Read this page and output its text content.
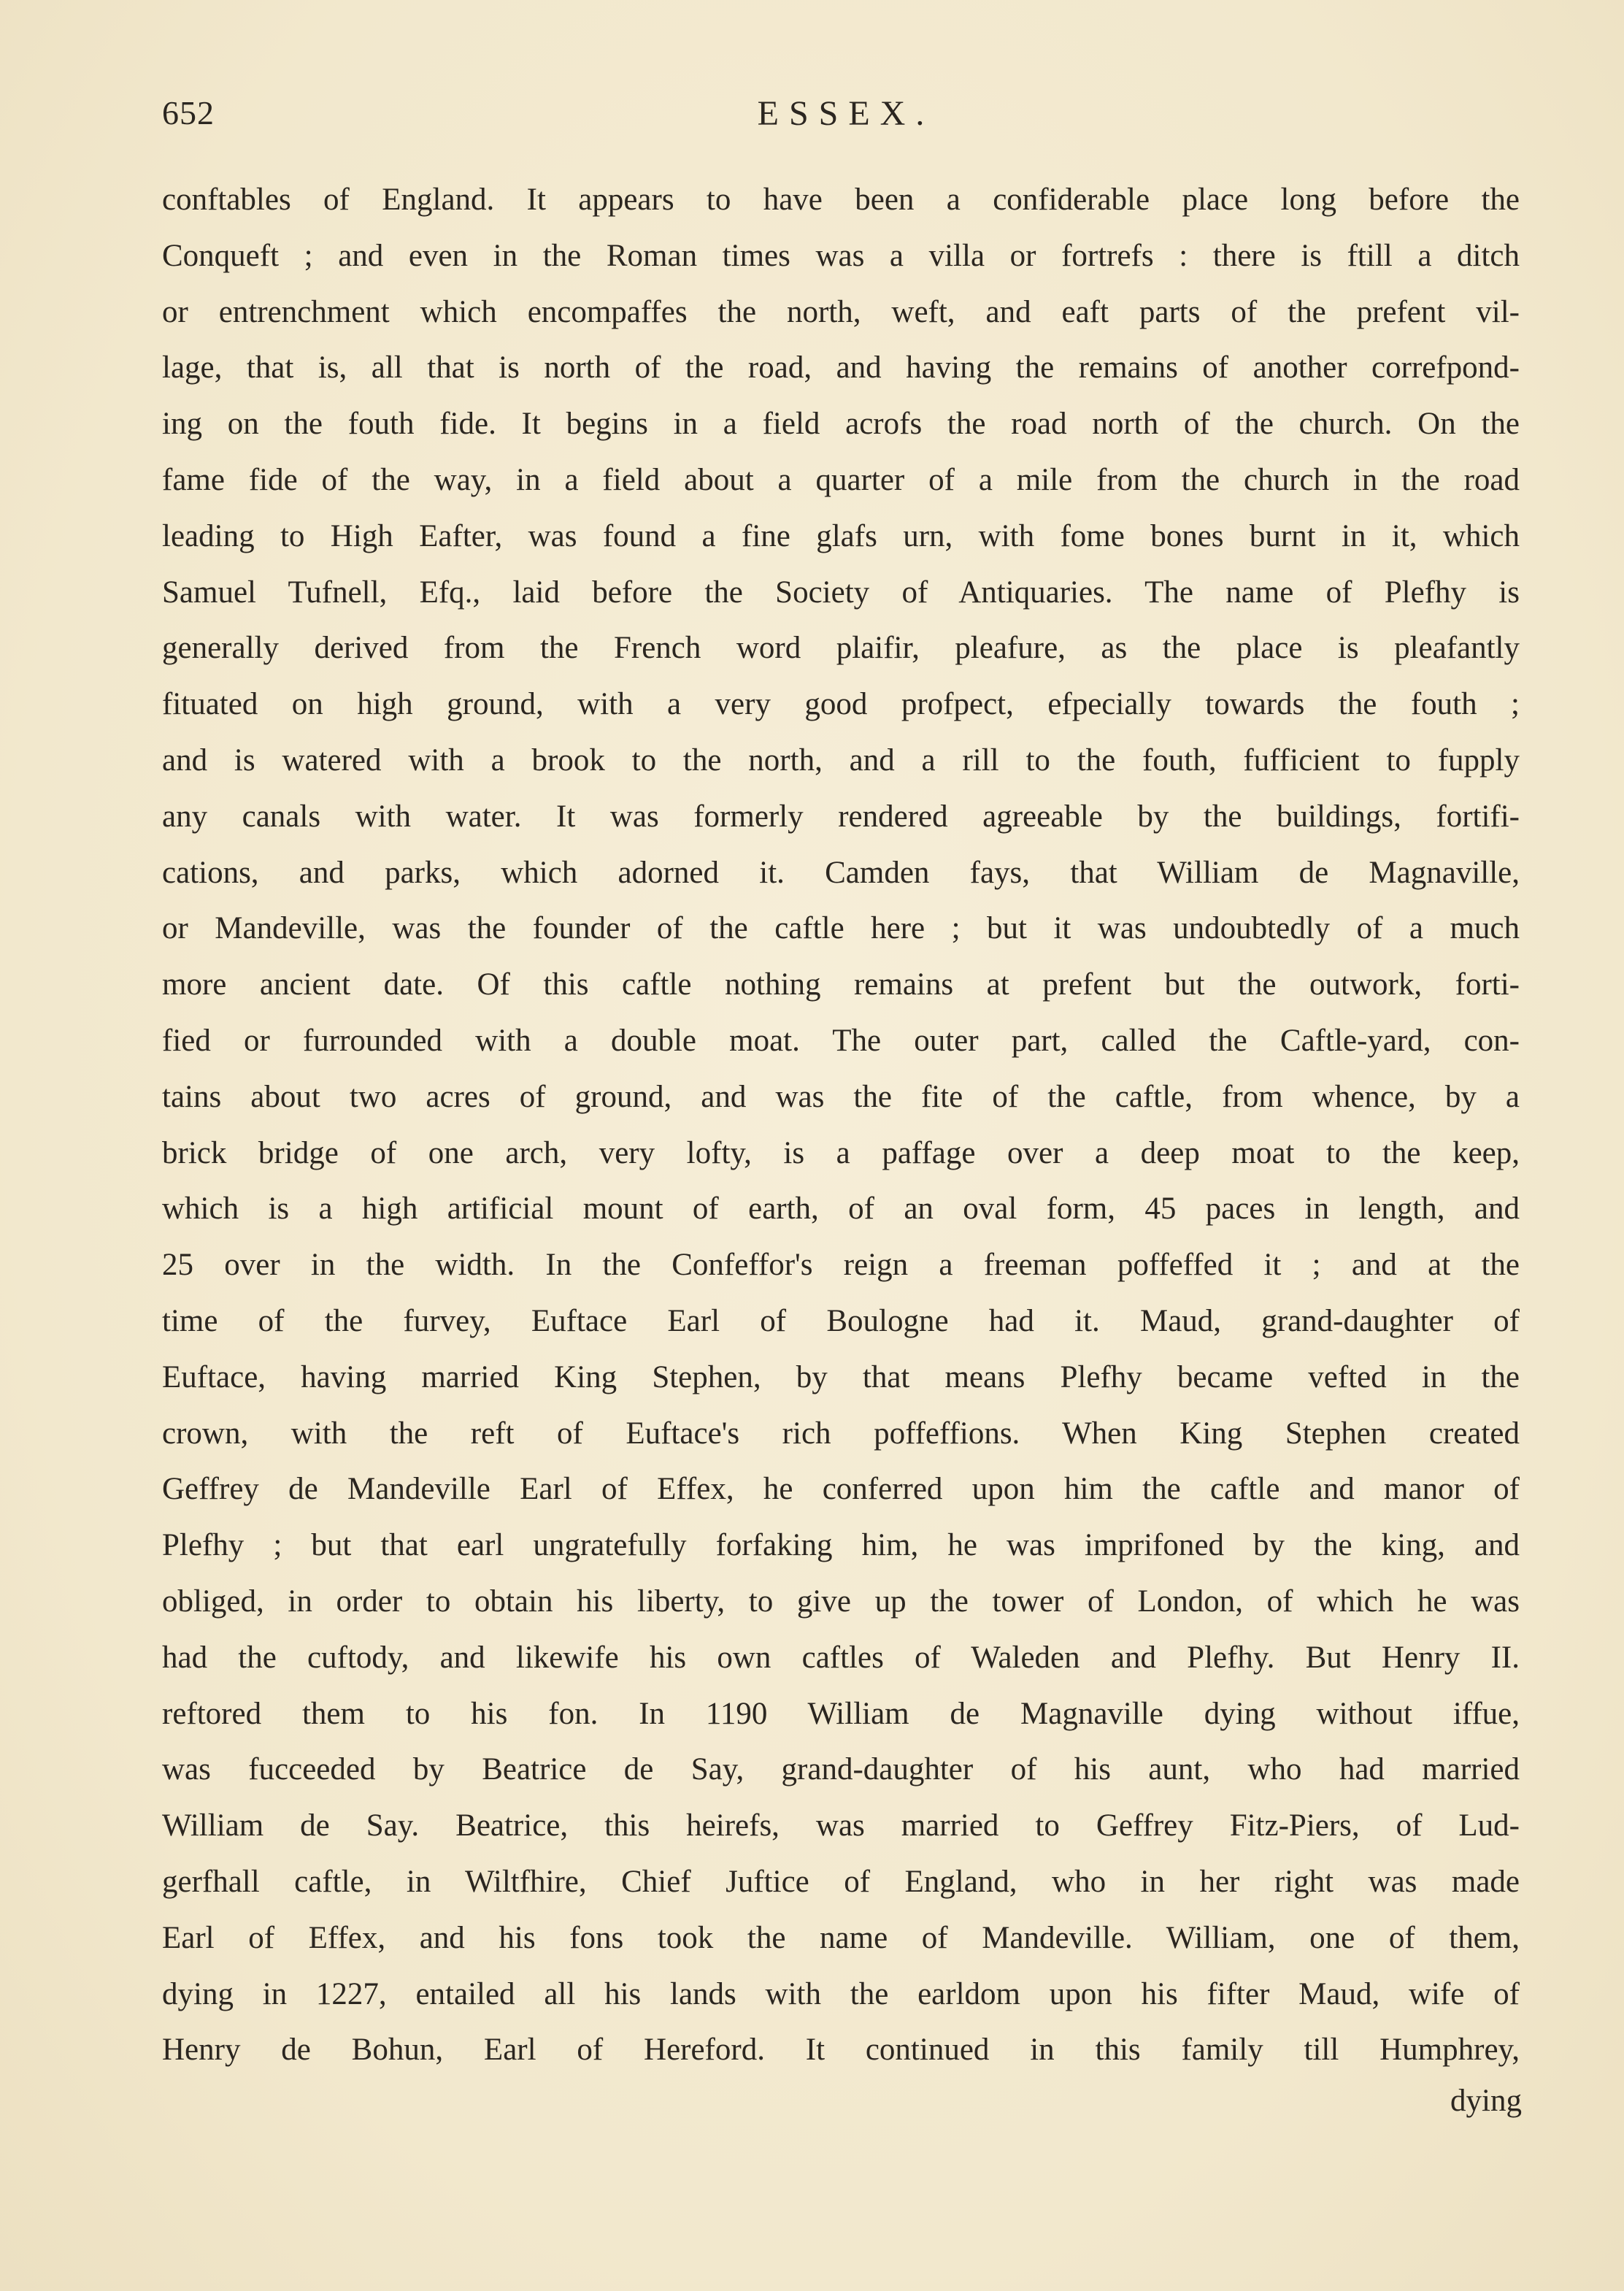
652	ESSEX.
conftables of England. It appears to have been a confiderable place long before the
Conqueft ; and even in the Roman times was a villa or fortrefs : there is ftill a ditch
or entrenchment which encompaffes the north, weft, and eaft parts of the prefent vil-
lage, that is, all that is north of the road, and having the remains of another correfpond-
ing on the fouth fide. It begins in a field acrofs the road north of the church. On the
fame fide of the way, in a field about a quarter of a mile from the church in the road
leading to High Eafter, was found a fine glafs urn, with fome bones burnt in it, which
Samuel Tufnell, Efq., laid before the Society of Antiquaries. The name of Plefhy is
generally derived from the French word plaifir, pleafure, as the place is pleafantly
fituated on high ground, with a very good profpect, efpecially towards the fouth ;
and is watered with a brook to the north, and a rill to the fouth, fufficient to fupply
any canals with water. It was formerly rendered agreeable by the buildings, fortifi-
cations, and parks, which adorned it. Camden fays, that William de Magnaville,
or Mandeville, was the founder of the caftle here ; but it was undoubtedly of a much
more ancient date. Of this caftle nothing remains at prefent but the outwork, forti-
fied or furrounded with a double moat. The outer part, called the Caftle-yard, con-
tains about two acres of ground, and was the fite of the caftle, from whence, by a
brick bridge of one arch, very lofty, is a paffage over a deep moat to the keep,
which is a high artificial mount of earth, of an oval form, 45 paces in length, and
25 over in the width. In the Confeffor's reign a freeman poffeffed it ; and at the
time of the furvey, Euftace Earl of Boulogne had it. Maud, grand-daughter of
Euftace, having married King Stephen, by that means Plefhy became vefted in the
crown, with the reft of Euftace's rich poffeffions. When King Stephen created
Geffrey de Mandeville Earl of Effex, he conferred upon him the caftle and manor of
Plefhy ; but that earl ungratefully forfaking him, he was imprifoned by the king, and
obliged, in order to obtain his liberty, to give up the tower of London, of which he was
had the cuftody, and likewife his own caftles of Waleden and Plefhy. But Henry II.
reftored them to his fon. In 1190 William de Magnaville dying without iffue,
was fucceeded by Beatrice de Say, grand-daughter of his aunt, who had married
William de Say. Beatrice, this heirefs, was married to Geffrey Fitz-Piers, of Lud-
gerfhall caftle, in Wiltfhire, Chief Juftice of England, who in her right was made
Earl of Effex, and his fons took the name of Mandeville. William, one of them,
dying in 1227, entailed all his lands with the earldom upon his fifter Maud, wife of
Henry de Bohun, Earl of Hereford. It continued in this family till Humphrey,
dying
